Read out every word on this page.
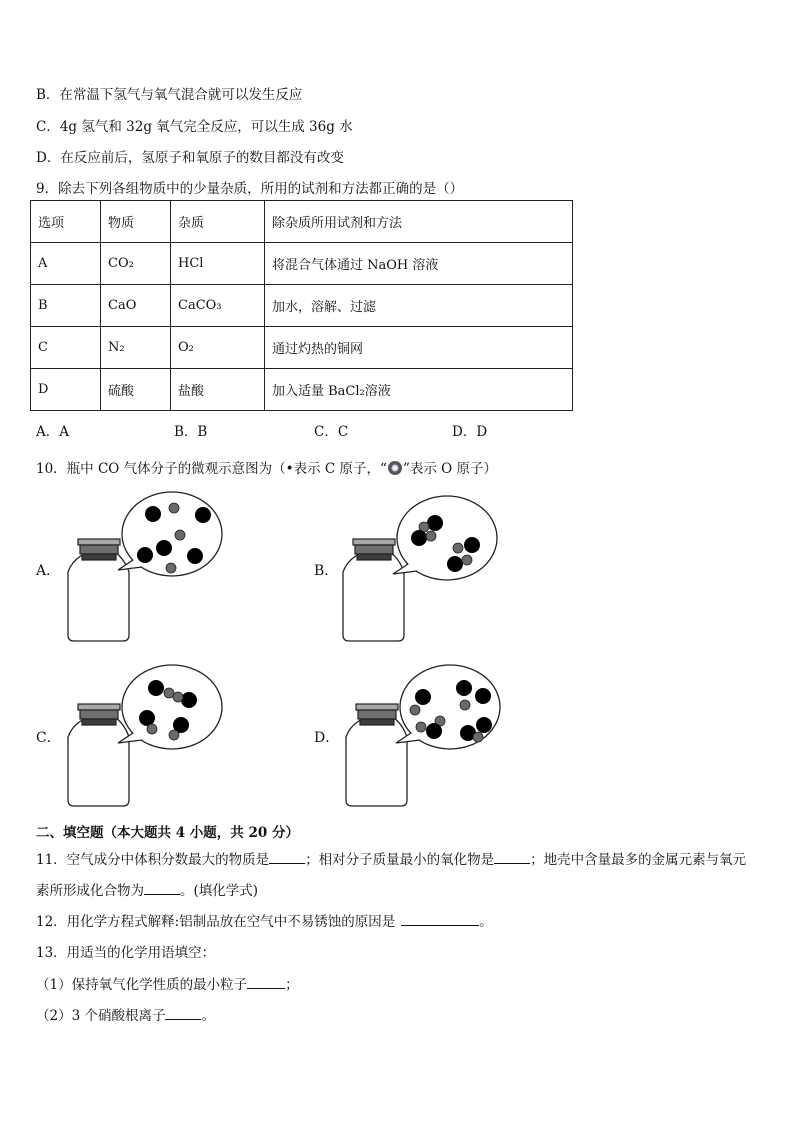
B．在常温下氢气与氧气混合就可以发生反应
C．4g 氢气和 32g 氧气完全反应，可以生成 36g 水
D．在反应前后，氢原子和氧原子的数目都没有改变
9．除去下列各组物质中的少量杂质，所用的试剂和方法都正确的是（）
选项	物质	杂质	除杂质所用试剂和方法
A	CO₂	HCl	将混合气体通过 NaOH 溶液
B	CaO	CaCO₃	加水，溶解、过滤
C	N₂	O₂	通过灼热的铜网
D	硫酸	盐酸	加入适量 BaCl₂溶液
A．A	B．B	C．C	D．D
10．瓶中 CO 气体分子的微观示意图为（•表示 C 原子，“ ”表示 O 原子）
A．	B．
C．	D．
二、填空题（本大题共 4 小题，共 20 分）
11．空气成分中体积分数最大的物质是	；相对分子质量最小的氧化物是	；地壳中含量最多的金属元素与氧元
素所形成化合物为	。(填化学式)
12．用化学方程式解释:铝制品放在空气中不易锈蚀的原因是	。
13．用适当的化学用语填空：
（1）保持氧气化学性质的最小粒子	；
（2）3 个硝酸根离子	。
